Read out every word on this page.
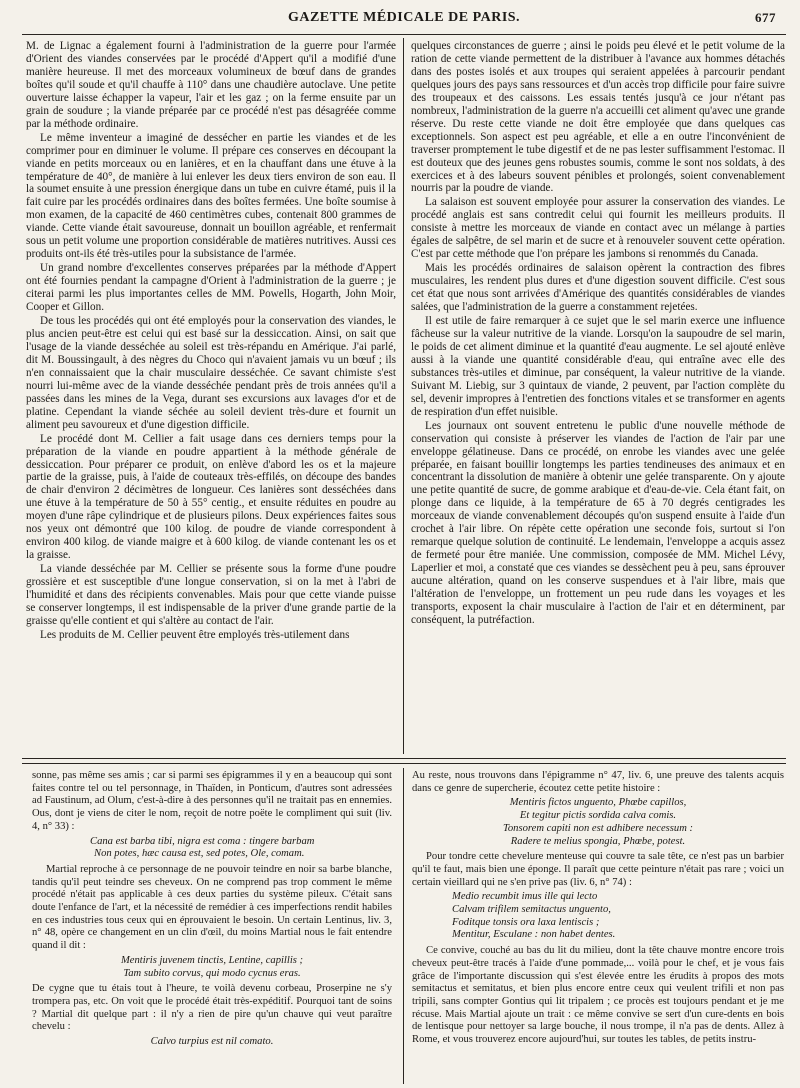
GAZETTE MÉDICALE DE PARIS.	677

M. de Lignac a également fourni à l'administration de la guerre pour l'armée d'Orient des viandes conservées par le procédé d'Appert qu'il a modifié d'une manière heureuse. Il met des morceaux volumineux de bœuf dans de grandes boîtes qu'il soude et qu'il chauffe à 110° dans une chaudière autoclave. Une petite ouverture laisse échapper la vapeur, l'air et les gaz ; on la ferme ensuite par un grain de soudure ; la viande préparée par ce procédé n'est pas désagréée comme par la méthode ordinaire.

Le même inventeur a imaginé de dessécher en partie les viandes et de les comprimer pour en diminuer le volume. Il prépare ces conserves en découpant la viande en petits morceaux ou en lanières, et en la chauffant dans une étuve à la température de 40°, de manière à lui enlever les deux tiers environ de son eau. Il la soumet ensuite à une pression énergique dans un tube en cuivre étamé, puis il la fait cuire par les procédés ordinaires dans des boîtes fermées. Une boîte soumise à mon examen, de la capacité de 460 centimètres cubes, contenait 800 grammes de viande. Cette viande était savoureuse, donnait un bouillon agréable, et renfermait sous un petit volume une proportion considérable de matières nutritives. Aussi ces produits ont-ils été très-utiles pour la subsistance de l'armée.

Un grand nombre d'excellentes conserves préparées par la méthode d'Appert ont été fournies pendant la campagne d'Orient à l'administration de la guerre ; je citerai parmi les plus importantes celles de MM. Powells, Hogarth, John Moir, Cooper et Gillon.

De tous les procédés qui ont été employés pour la conservation des viandes, le plus ancien peut-être est celui qui est basé sur la dessiccation. Ainsi, on sait que l'usage de la viande desséchée au soleil est très-répandu en Amérique. J'ai parlé, dit M. Boussingault, à des nègres du Choco qui n'avaient jamais vu un bœuf ; ils n'en connaissaient que la chair musculaire desséchée. Ce savant chimiste s'est nourri lui-même avec de la viande desséchée pendant près de trois années qu'il a passées dans les mines de la Vega, durant ses excursions aux lavages d'or et de platine. Cependant la viande séchée au soleil devient très-dure et fournit un aliment peu savoureux et d'une digestion difficile.

Le procédé dont M. Cellier a fait usage dans ces derniers temps pour la préparation de la viande en poudre appartient à la méthode générale de dessiccation. Pour préparer ce produit, on enlève d'abord les os et la majeure partie de la graisse, puis, à l'aide de couteaux très-effilés, on découpe des bandes de chair d'environ 2 décimètres de longueur. Ces lanières sont desséchées dans une étuve à la température de 50 à 55° centig., et ensuite réduites en poudre au moyen d'une râpe cylindrique et de plusieurs pilons. Deux expériences faites sous nos yeux ont démontré que 100 kilog. de poudre de viande correspondent à environ 400 kilog. de viande maigre et à 600 kilog. de viande contenant les os et la graisse.

La viande desséchée par M. Cellier se présente sous la forme d'une poudre grossière et est susceptible d'une longue conservation, si on la met à l'abri de l'humidité et dans des récipients convenables. Mais pour que cette viande puisse se conserver longtemps, il est indispensable de la priver d'une grande partie de la graisse qu'elle contient et qui s'altère au contact de l'air.

Les produits de M. Cellier peuvent être employés très-utilement dans

quelques circonstances de guerre ; ainsi le poids peu élevé et le petit volume de la ration de cette viande permettent de la distribuer à l'avance aux hommes détachés dans des postes isolés et aux troupes qui seraient appelées à parcourir pendant quelques jours des pays sans ressources et d'un accès trop difficile pour faire suivre des troupeaux et des caissons. Les essais tentés jusqu'à ce jour n'étant pas nombreux, l'administration de la guerre n'a accueilli cet aliment qu'avec une grande réserve. Du reste cette viande ne doit être employée que dans quelques cas exceptionnels. Son aspect est peu agréable, et elle a en outre l'inconvénient de traverser promptement le tube digestif et de ne pas lester suffisamment l'estomac. Il est douteux que des jeunes gens robustes soumis, comme le sont nos soldats, à des exercices et à des labeurs souvent pénibles et prolongés, soient convenablement nourris par la poudre de viande.

La salaison est souvent employée pour assurer la conservation des viandes. Le procédé anglais est sans contredit celui qui fournit les meilleurs produits. Il consiste à mettre les morceaux de viande en contact avec un mélange à parties égales de salpêtre, de sel marin et de sucre et à renouveler souvent cette opération. C'est par cette méthode que l'on prépare les jambons si renommés du Canada.

Mais les procédés ordinaires de salaison opèrent la contraction des fibres musculaires, les rendent plus dures et d'une digestion souvent difficile. C'est sous cet état que nous sont arrivées d'Amérique des quantités considérables de viandes salées, que l'administration de la guerre a constamment rejetées.

Il est utile de faire remarquer à ce sujet que le sel marin exerce une influence fâcheuse sur la valeur nutritive de la viande. Lorsqu'on la saupoudre de sel marin, le poids de cet aliment diminue et la quantité d'eau augmente. Le sel ajouté enlève aussi à la viande une quantité considérable d'eau, qui entraîne avec elle des substances très-utiles et diminue, par conséquent, la valeur nutritive de la viande. Suivant M. Liebig, sur 3 quintaux de viande, 2 peuvent, par l'action complète du sel, devenir impropres à l'entretien des fonctions vitales et se transformer en agents de respiration d'un effet nuisible.

Les journaux ont souvent entretenu le public d'une nouvelle méthode de conservation qui consiste à préserver les viandes de l'action de l'air par une enveloppe gélatineuse. Dans ce procédé, on enrobe les viandes avec une gelée préparée, en faisant bouillir longtemps les parties tendineuses des animaux et en concentrant la dissolution de manière à obtenir une gelée transparente. On y ajoute une petite quantité de sucre, de gomme arabique et d'eau-de-vie. Cela étant fait, on plonge dans ce liquide, à la température de 65 à 70 degrés centigrades les morceaux de viande convenablement découpés qu'on suspend ensuite à l'aide d'un crochet à l'air libre. On répète cette opération une seconde fois, surtout si l'on remarque quelque solution de continuité. Le lendemain, l'enveloppe a acquis assez de fermeté pour être maniée. Une commission, composée de MM. Michel Lévy, Laperlier et moi, a constaté que ces viandes se dessèchent peu à peu, sans éprouver aucune altération, quand on les conserve suspendues et à l'air libre, mais que l'altération de l'enveloppe, un frottement un peu rude dans les voyages et les transports, exposent la chair musculaire à l'action de l'air et en déterminent, par conséquent, la putréfaction.

sonne, pas même ses amis ; car si parmi ses épigrammes il y en a beaucoup qui sont faites contre tel ou tel personnage, in Thaïden, in Ponticum, d'autres sont adressées ad Faustinum, ad Olum, c'est-à-dire à des personnes qu'il ne traitait pas en ennemies. Ous, dont je viens de citer le nom, reçoit de notre poëte le compliment qui suit (liv. 4, n° 33) :

Cana est barba tibi, nigra est coma : tingere barbam
Non potes, hæc causa est, sed potes, Ole, comam.

Martial reproche à ce personnage de ne pouvoir teindre en noir sa barbe blanche, tandis qu'il peut teindre ses cheveux. On ne comprend pas trop comment le même procédé n'était pas applicable à ces deux parties du système pileux. C'était sans doute l'enfance de l'art, et la nécessité de remédier à ces imperfections rendit habiles en ces industries tous ceux qui en éprouvaient le besoin. Un certain Lentinus, liv. 3, n° 48, opère ce changement en un clin d'œil, du moins Martial nous le fait entendre quand il dit :

Mentiris juvenem tinctis, Lentine, capillis ;
Tam subito corvus, qui modo cycnus eras.

De cygne que tu étais tout à l'heure, te voilà devenu corbeau, Proserpine ne s'y trompera pas, etc. On voit que le procédé était très-expéditif. Pourquoi tant de soins ? Martial dit quelque part : il n'y a rien de pire qu'un chauve qui veut paraître chevelu :

Calvo turpius est nil comato.

Au reste, nous trouvons dans l'épigramme n° 47, liv. 6, une preuve des talents acquis dans ce genre de supercherie, écoutez cette petite histoire :

Mentiris fictos unguento, Phœbe capillos,
Et tegitur pictis sordida calva comis.
Tonsorem capiti non est adhibere necessum :
Radere te melius spongia, Phœbe, potest.

Pour tondre cette chevelure menteuse qui couvre ta sale tête, ce n'est pas un barbier qu'il te faut, mais bien une éponge. Il paraît que cette peinture n'était pas rare ; voici un certain vieillard qui ne s'en prive pas (liv. 6, n° 74) :

Medio recumbit imus ille qui lecto
Calvam trifilem semitactus unguento,
Foditque tonsis ora laxa lentiscis ;
Mentitur, Esculane : non habet dentes.

Ce convive, couché au bas du lit du milieu, dont la tête chauve montre encore trois cheveux peut-être tracés à l'aide d'une pommade,... voilà pour le chef, et je vous fais grâce de l'importante discussion qui s'est élevée entre les érudits à propos des mots semitactus et semitatus, et bien plus encore entre ceux qui veulent trifili et non pas tripili, sans compter Gontius qui lit tripalem ; ce procès est toujours pendant et je me récuse. Mais Martial ajoute un trait : ce même convive se sert d'un cure-dents en bois de lentisque pour nettoyer sa large bouche, il nous trompe, il n'a pas de dents. Allez à Rome, et vous trouverez encore aujourd'hui, sur toutes les tables, de petits instru-
